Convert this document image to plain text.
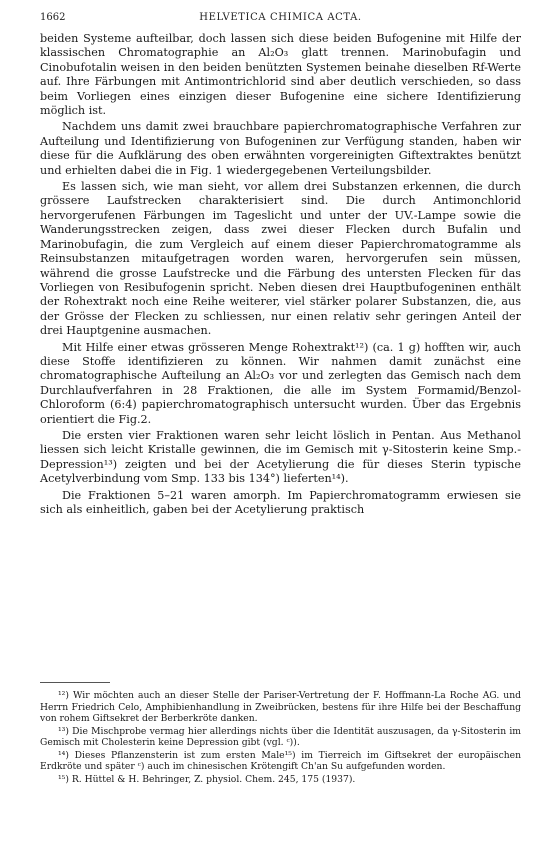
1662	HELVETICA CHIMICA ACTA.

beiden Systeme aufteilbar, doch lassen sich diese beiden Bufogenine mit Hilfe der klassischen Chromatographie an Al₂O₃ glatt trennen. Marinobufagin und Cinobufotalin weisen in den beiden benützten Systemen beinahe dieselben Rf-Werte auf. Ihre Färbungen mit Antimontrichlorid sind aber deutlich verschieden, so dass beim Vorliegen eines einzigen dieser Bufogenine eine sichere Identifizierung möglich ist.

Nachdem uns damit zwei brauchbare papierchromatographische Verfahren zur Aufteilung und Identifizierung von Bufogeninen zur Verfügung standen, haben wir diese für die Aufklärung des oben erwähnten vorgereinigten Giftextraktes benützt und erhielten dabei die in Fig. 1 wiedergegebenen Verteilungsbilder.

Es lassen sich, wie man sieht, vor allem drei Substanzen erkennen, die durch grössere Laufstrecken charakterisiert sind. Die durch Antimonchlorid hervorgerufenen Färbungen im Tageslicht und unter der UV.-Lampe sowie die Wanderungsstrecken zeigen, dass zwei dieser Flecken durch Bufalin und Marinobufagin, die zum Vergleich auf einem dieser Papierchromatogramme als Reinsubstanzen mitaufgetragen worden waren, hervorgerufen sein müssen, während die grosse Laufstrecke und die Färbung des untersten Flecken für das Vorliegen von Resibufogenin spricht. Neben diesen drei Hauptbufogeninen enthält der Rohextrakt noch eine Reihe weiterer, viel stärker polarer Substanzen, die, aus der Grösse der Flecken zu schliessen, nur einen relativ sehr geringen Anteil der drei Hauptgenine ausmachen.

Mit Hilfe einer etwas grösseren Menge Rohextrakt¹²) (ca. 1 g) hofften wir, auch diese Stoffe identifizieren zu können. Wir nahmen damit zunächst eine chromatographische Aufteilung an Al₂O₃ vor und zerlegten das Gemisch nach dem Durchlaufverfahren in 28 Fraktionen, die alle im System Formamid/Benzol-Chloroform (6:4) papierchromatographisch untersucht wurden. Über das Ergebnis orientiert die Fig.2.

Die ersten vier Fraktionen waren sehr leicht löslich in Pentan. Aus Methanol liessen sich leicht Kristalle gewinnen, die im Gemisch mit γ-Sitosterin keine Smp.-Depression¹³) zeigten und bei der Acetylierung die für dieses Sterin typische Acetylverbindung vom Smp. 133 bis 134°) lieferten¹⁴).

Die Fraktionen 5–21 waren amorph. Im Papierchromatogramm erwiesen sie sich als einheitlich, gaben bei der Acetylierung praktisch

¹²) Wir möchten auch an dieser Stelle der Pariser-Vertretung der F. Hoffmann-La Roche AG. und Herrn Friedrich Celo, Amphibienhandlung in Zweibrücken, bestens für ihre Hilfe bei der Beschaffung von rohem Giftsekret der Berberkröte danken.

¹³) Die Mischprobe vermag hier allerdings nichts über die Identität auszusagen, da γ-Sitosterin im Gemisch mit Cholesterin keine Depression gibt (vgl. ᶜ)).

¹⁴) Dieses Pflanzensterin ist zum ersten Male¹⁵) im Tierreich im Giftsekret der europäischen Erdkröte und später ᶜ) auch im chinesischen Krötengift Ch'an Su aufgefunden worden.

¹⁵) R. Hüttel & H. Behringer, Z. physiol. Chem. 245, 175 (1937).
